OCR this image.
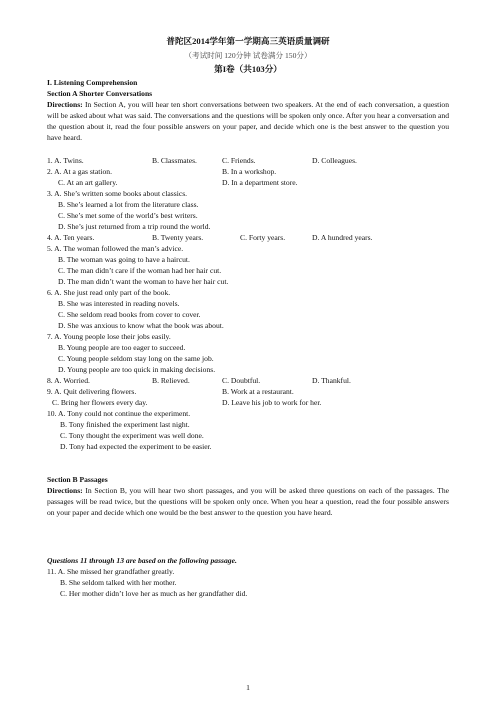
普陀区2014学年第一学期高三英语质量调研
（考试时间 120分钟 试卷满分 150分）
第I卷（共103分）
I. Listening Comprehension
Section A Shorter Conversations
Directions: In Section A, you will hear ten short conversations between two speakers. At the end of each conversation, a question will be asked about what was said. The conversations and the questions will be spoken only once. After you hear a conversation and the question about it, read the four possible answers on your paper, and decide which one is the best answer to the question you have heard.
1. A. Twins.	B. Classmates.	C. Friends.	D. Colleagues.
2. A. At a gas station.	B. In a workshop.
C. At an art gallery.	D. In a department store.
3. A. She’s written some books about classics.
B. She’s learned a lot from the literature class.
C. She’s met some of the world’s best writers.
D. She’s just returned from a trip round the world.
4. A. Ten years.	B. Twenty years.	C. Forty years.	D. A hundred years.
5. A. The woman followed the man’s advice.
B. The woman was going to have a haircut.
C. The man didn’t care if the woman had her hair cut.
D. The man didn’t want the woman to have her hair cut.
6. A. She just read only part of the book.
B. She was interested in reading novels.
C. She seldom read books from cover to cover.
D. She was anxious to know what the book was about.
7. A. Young people lose their jobs easily.
B. Young people are too eager to succeed.
C. Young people seldom stay long on the same job.
D. Young people are too quick in making decisions.
8. A. Worried.	B. Relieved.	C. Doubtful.	D. Thankful.
9. A. Quit delivering flowers.	B. Work at a restaurant.
C. Bring her flowers every day.	D. Leave his job to work for her.
10. A. Tony could not continue the experiment.
B. Tony finished the experiment last night.
C. Tony thought the experiment was well done.
D. Tony had expected the experiment to be easier.
Section B Passages
Directions: In Section B, you will hear two short passages, and you will be asked three questions on each of the passages. The passages will be read twice, but the questions will be spoken only once. When you hear a question, read the four possible answers on your paper and decide which one would be the best answer to the question you have heard.
Questions 11 through 13 are based on the following passage.
11. A. She missed her grandfather greatly.
B. She seldom talked with her mother.
C. Her mother didn’t love her as much as her grandfather did.
1
